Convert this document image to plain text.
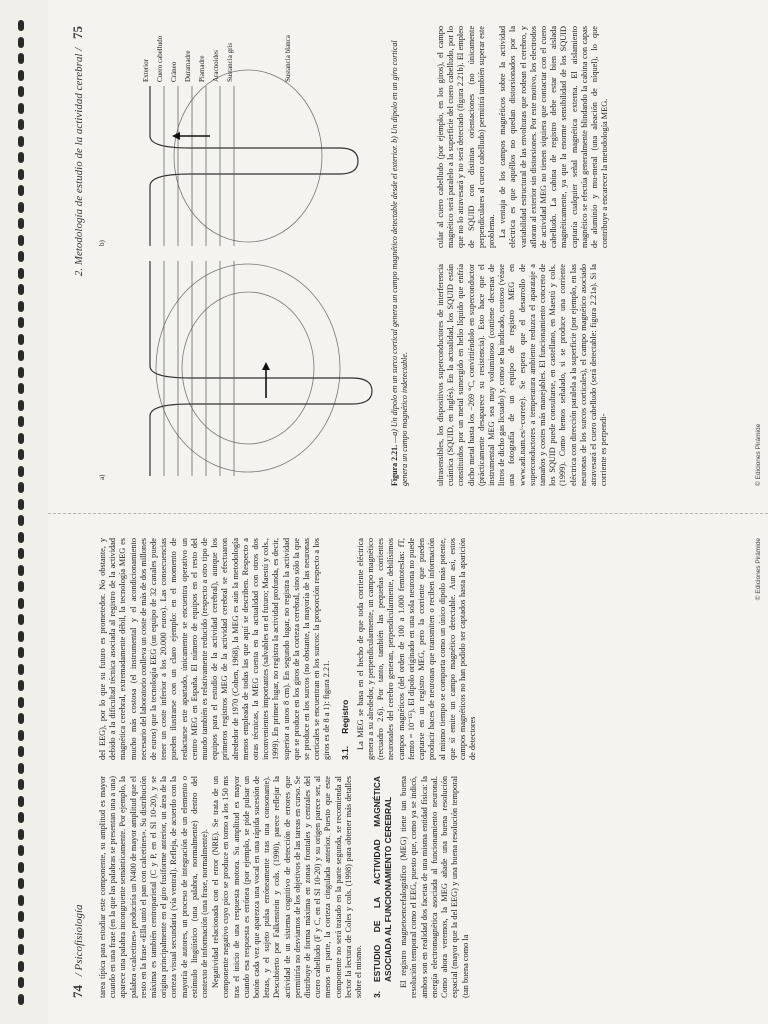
74 / Psicofisiología tarea típica para estudiar este componente, su amplitud es mayor cuando en una frase (en la que las palabras se presentan una a una) aparece una palabra incongruente semánticamente. Por ejemplo, la palabra «calcetines» produciría un N400 de mayor amplitud que el resto en la frase «Ella untó el pan con calcetines». Su distribución máxima es también centroparietal (C y P, en el SI 10-20), y se origina principalmente en el giro fusiforme anterior, un área de la corteza visual secundaria (vía ventral). Refleja, de acuerdo con la mayoría de autores, un proceso de integración de un elemento o estímulo lingüístico (una palabra, normalmente) dentro del contexto de información (una frase, normalmente). Negatividad relacionada con el error (NRE). Se trata de un componente negativo cuyo pico se produce en torno a los 150 ms tras el inicio de una respuesta motora. Su amplitud es mayor cuando esa respuesta es errónea (por ejemplo, se pide pulsar un botón cada vez que aparezca una vocal en una rápida sucesión de letras, y el sujeto pulsa erróneamente tras una consonante). Descubierto por Falkenstein y cols. (1990), parece reflejar la actividad de un sistema cognitivo de detección de errores que permitiría no desviarnos de los objetivos de las tareas en curso. Se distribuye de forma máxima en zonas frontales y centrales del cuero cabelludo (F y C, en el SI 10-20) y su origen parece ser, al menos en parte, la corteza cingulada anterior. Puesto que este componente no será tratado en la parte segunda, se recomienda al lector la lectura de Coles y cols. (1998) para obtener más detalles sobre el mismo. 3.
ESTUDIO DE LA ACTIVIDAD MAGNÉTICA ASOCIADA AL FUNCIONAMIENTO CEREBRAL El registro magnetoencefalográfico (MEG) tiene tan buena resolución temporal como el EEG, puesto que, como ya se indicó, ambos son en realidad dos facetas de una misma entidad física: la energía electromagnética asociada al funcionamiento neuronal. Como ahora veremos, la MEG añade una buena resolución espacial (mayor que la del EEG) y una buena resolución temporal (tan buena como la

del EEG), por lo que su futuro es prometedor. No obstante, y debido a la dificultad técnica asociada al registro de la actividad magnética cerebral, extremadamente débil, la tecnología MEG es mucho más costosa (el instrumental y el acondicionamiento necesario del laboratorio conlleva un coste de más de dos millones de euros) que la tecnología EEG (un equipo de 32 canales puede tener un coste inferior a los 20.000 euros). Las consecuencias pueden ilustrarse con un claro ejemplo: en el momento de redactarse este apartado, únicamente se encuentra operativo un centro MEG en España. El número de equipos en el resto del mundo también es relativamente reducido (respecto a otro tipo de equipos para el estudio de la actividad cerebral), aunque los primeros registros MEG de la actividad cerebral se efectuaron alrededor de 1970 (Cohen, 1968), la MEG es aún la metodología menos empleada de todas las que aquí se describen. Respecto a otras técnicas, la MEG cuenta en la actualidad con otros dos inconvenientes importantes (salvables en el futuro; Maestú y cols., 1999). En primer lugar, no registra la actividad profunda, es decir, superior a unos 8 cm). En segundo lugar, no registra la actividad que se produce en los giros de la corteza cerebral, sino sólo la que se produce en los surcos (no obstante, la mayoría de las neuronas corticales se encuentran en los surcos: la proporción respecto a los giros es de 8 a 1): figura 2.21. 3.1. Registro La MEG se basa en el hecho de que toda corriente eléctrica genera a su alrededor, y perpendicularmente, un campo magnético (recuadro 2.6). Por tanto, también las pequeñas corrientes neuronales del cerebro generan, perpendicularmente, debilísimos campos magnéticos (del orden de 100 a 1.000 femtoteslas: fT, femto = 10⁻¹⁵). El dipolo originado en una sola neurona no puede captarse en un registro MEG, pero la corriente que pueden producir haces de neuronas que transmiten o reciben información al mismo tiempo se comporta como un único dipolo más potente, que sí emite un campo magnético detectable. Aun así, estos campos magnéticos no han podido ser captados hasta la aparición de detectores

© Ediciones Pirámide
2. Metodología de estudio de la actividad cerebral / 75
a)
b)
Exterior Cuero cabelludo Cráneo Duramadre Piamadre Aracnoides Sustancia gris	Sustancia blanca
Figura 2.21. —a) Un dipolo en un surco cortical genera un campo magnético detectable desde el exterior. b) Un dipolo en un giro cortical genera un campo magnético indetectable.	ultrasensibles, los dispositivos superconductores de interferencia cuántica (SQUID, en inglés). En la actualidad, los SQUID están constituidos por un metal sumergido en helio líquido que enfría dicho metal hasta los −269 °C, convirtiéndolo en superconductor (prácticamente desaparece su resistencia). Esto hace que el instrumental MEG sea muy voluminoso (contiene decenas de litros de dicho gas licuado) y, como se ha indicado, costoso (véase una fotografía de un equipo de registro MEG en www.adi.nam.es/~correte). Se espera que el desarrollo de superconductores a temperatura ambiente reduzca el aparataje a tamaños y costes más manejables. El funcionamiento concreto de los SQUID puede consultarse, en castellano, en Maestú y cols. (1999). Como hemos señalado, si se produce una corriente eléctrica con dirección paralela a la superficie (por ejemplo, en las neuronas de los surcos corticales), el campo magnético asociado atravesará el cuero cabelludo (será detectable: figura 2.21a). Si la corriente es perpendi-

cular al cuero cabelludo (por ejemplo, en los giros), el campo magnético será paralelo a la superficie del cuero cabelludo, por lo que no lo atravesará y no será detectado (figura 2.21b). El empleo de SQUID con distintas orientaciones (no únicamente perpendiculares al cuero cabelludo) permitirá también superar este problema. La ventaja de los campos magnéticos sobre la actividad eléctrica es que aquéllos no quedan distorsionados por la variabilidad estructural de las envolturas que rodean el cerebro, y afloran al exterior sin distorsiones. Por este motivo, los electrodos de actividad MEG no tienen siquiera que contactar con el cuero cabelludo. La cabina de registro debe estar bien aislada magnéticamente, ya que la enorme sensibilidad de los SQUID captaría cualquier señal magnética externa. El aislamiento magnético se efectúa generalmente blindando la cabina con capas de aluminio y mu-metal (una aleación de níquel), lo que contribuye a encarecer la metodología MEG.

© Ediciones Pirámide
